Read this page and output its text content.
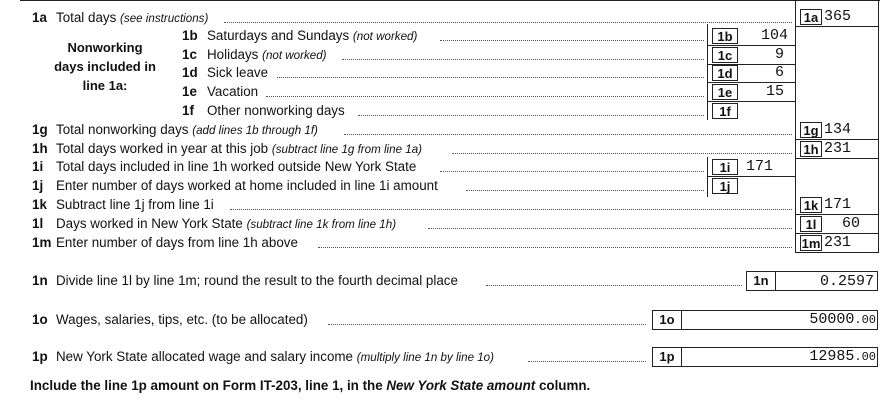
1a Total days (see instructions)	1a 365
Nonworking days included in line 1a:
1b Saturdays and Sundays (not worked)	1b	104
1c Holidays (not worked)	1c	9
1d Sick leave	1d	6
1e Vacation	1e	15
1f Other nonworking days	1f
1g Total nonworking days (add lines 1b through 1f)	1g 134
1h Total days worked in year at this job (subtract line 1g from line 1a)	1h 231
1i Total days included in line 1h worked outside New York State	1i	171
1j Enter number of days worked at home included in line 1i amount	1j
1k Subtract line 1j from line 1i	1k 171
1l Days worked in New York State (subtract line 1k from line 1h)	1l	60
1m Enter number of days from line 1h above	1m 231
1n Divide line 1l by line 1m; round the result to the fourth decimal place	1n	0.2597
1o Wages, salaries, tips, etc. (to be allocated)	1o	50000.00
1p New York State allocated wage and salary income (multiply line 1n by line 1o)	1p	12985.00
Include the line 1p amount on Form IT-203, line 1, in the New York State amount column.
